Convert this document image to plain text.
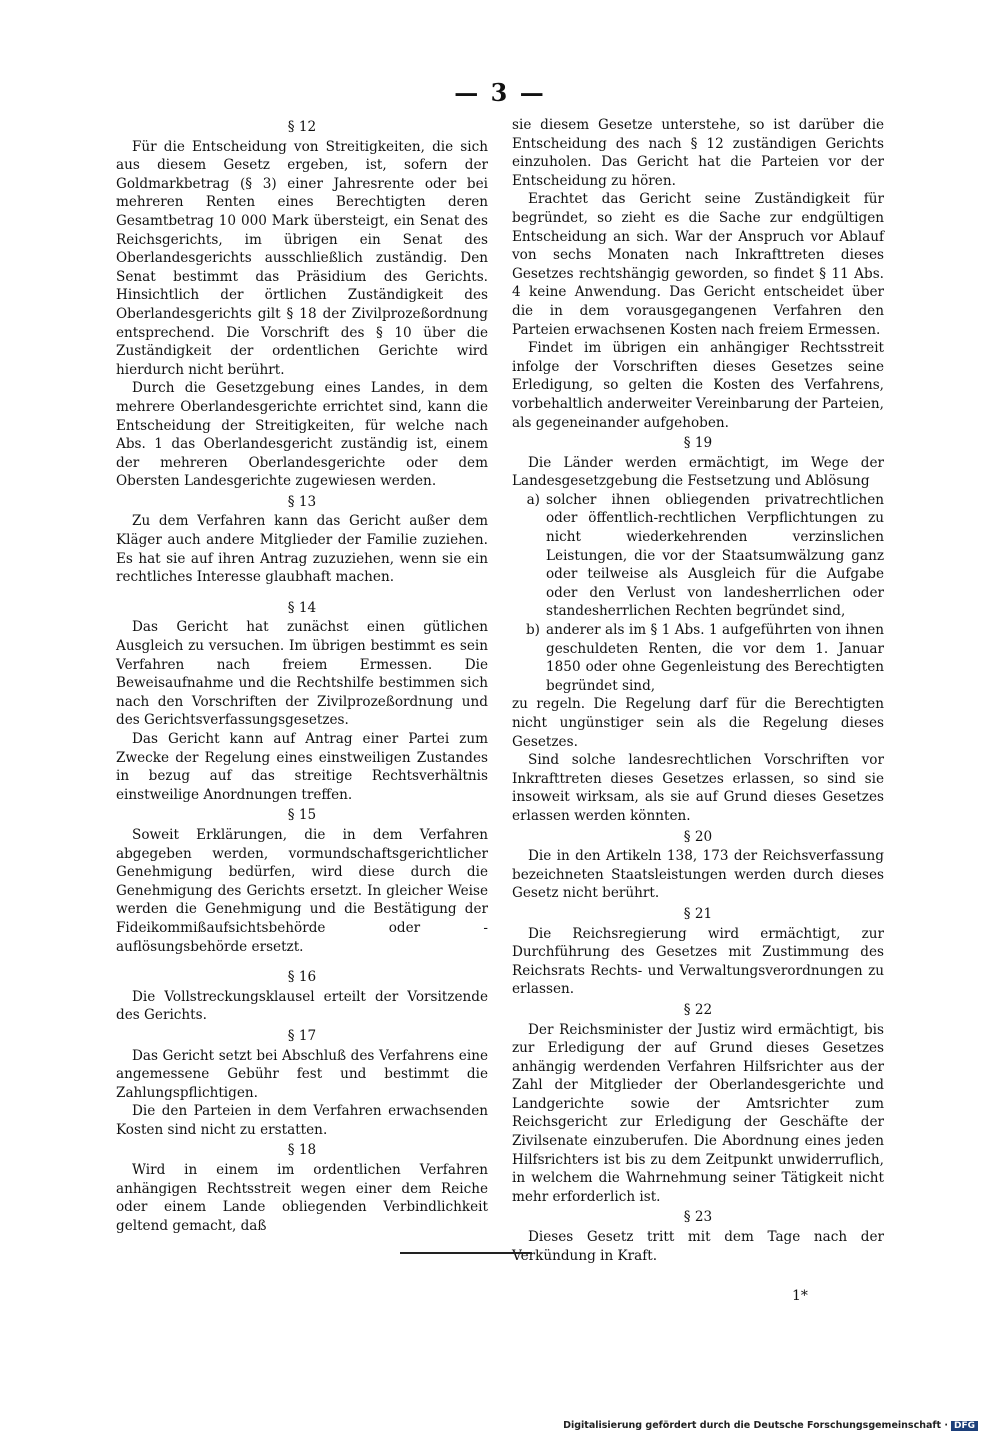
— 3 —
§ 12

Für die Entscheidung von Streitigkeiten, die sich aus diesem Gesetz ergeben, ist, sofern der Goldmarkbetrag (§ 3) einer Jahresrente oder bei mehreren Renten eines Berechtigten deren Gesamtbetrag 10 000 Mark übersteigt, ein Senat des Reichsgerichts, im übrigen ein Senat des Oberlandesgerichts ausschließlich zuständig. Den Senat bestimmt das Präsidium des Gerichts. Hinsichtlich der örtlichen Zuständigkeit des Oberlandesgerichts gilt § 18 der Zivilprozeßordnung entsprechend. Die Vorschrift des § 10 über die Zuständigkeit der ordentlichen Gerichte wird hierdurch nicht berührt.

Durch die Gesetzgebung eines Landes, in dem mehrere Oberlandesgerichte errichtet sind, kann die Entscheidung der Streitigkeiten, für welche nach Abs. 1 das Oberlandesgericht zuständig ist, einem der mehreren Oberlandesgerichte oder dem Obersten Landesgerichte zugewiesen werden.

§ 13

Zu dem Verfahren kann das Gericht außer dem Kläger auch andere Mitglieder der Familie zuziehen. Es hat sie auf ihren Antrag zuzuziehen, wenn sie ein rechtliches Interesse glaubhaft machen.

§ 14

Das Gericht hat zunächst einen gütlichen Ausgleich zu versuchen. Im übrigen bestimmt es sein Verfahren nach freiem Ermessen. Die Beweisaufnahme und die Rechtshilfe bestimmen sich nach den Vorschriften der Zivilprozeßordnung und des Gerichtsverfassungsgesetzes.

Das Gericht kann auf Antrag einer Partei zum Zwecke der Regelung eines einstweiligen Zustandes in bezug auf das streitige Rechtsverhältnis einstweilige Anordnungen treffen.

§ 15

Soweit Erklärungen, die in dem Verfahren abgegeben werden, vormundschaftsgerichtlicher Genehmigung bedürfen, wird diese durch die Genehmigung des Gerichts ersetzt. In gleicher Weise werden die Genehmigung und die Bestätigung der Fideikommißaufsichtsbehörde oder -auflösungsbehörde ersetzt.

§ 16

Die Vollstreckungsklausel erteilt der Vorsitzende des Gerichts.

§ 17

Das Gericht setzt bei Abschluß des Verfahrens eine angemessene Gebühr fest und bestimmt die Zahlungspflichtigen.

Die den Parteien in dem Verfahren erwachsenden Kosten sind nicht zu erstatten.

§ 18

Wird in einem im ordentlichen Verfahren anhängigen Rechtsstreit wegen einer dem Reiche oder einem Lande obliegenden Verbindlichkeit geltend gemacht, daß

sie diesem Gesetze unterstehe, so ist darüber die Entscheidung des nach § 12 zuständigen Gerichts einzuholen. Das Gericht hat die Parteien vor der Entscheidung zu hören.

Erachtet das Gericht seine Zuständigkeit für begründet, so zieht es die Sache zur endgültigen Entscheidung an sich. War der Anspruch vor Ablauf von sechs Monaten nach Inkrafttreten dieses Gesetzes rechtshängig geworden, so findet § 11 Abs. 4 keine Anwendung. Das Gericht entscheidet über die in dem vorausgegangenen Verfahren den Parteien erwachsenen Kosten nach freiem Ermessen.

Findet im übrigen ein anhängiger Rechtsstreit infolge der Vorschriften dieses Gesetzes seine Erledigung, so gelten die Kosten des Verfahrens, vorbehaltlich anderweiter Vereinbarung der Parteien, als gegeneinander aufgehoben.

§ 19

Die Länder werden ermächtigt, im Wege der Landesgesetzgebung die Festsetzung und Ablösung

a) solcher ihnen obliegenden privatrechtlichen oder öffentlich-rechtlichen Verpflichtungen zu nicht wiederkehrenden verzinslichen Leistungen, die vor der Staatsumwälzung ganz oder teilweise als Ausgleich für die Aufgabe oder den Verlust von landesherrlichen oder standesherrlichen Rechten begründet sind,
b) anderer als im § 1 Abs. 1 aufgeführten von ihnen geschuldeten Renten, die vor dem 1. Januar 1850 oder ohne Gegenleistung des Berechtigten begründet sind,

zu regeln. Die Regelung darf für die Berechtigten nicht ungünstiger sein als die Regelung dieses Gesetzes.

Sind solche landesrechtlichen Vorschriften vor Inkrafttreten dieses Gesetzes erlassen, so sind sie insoweit wirksam, als sie auf Grund dieses Gesetzes erlassen werden könnten.

§ 20

Die in den Artikeln 138, 173 der Reichsverfassung bezeichneten Staatsleistungen werden durch dieses Gesetz nicht berührt.

§ 21

Die Reichsregierung wird ermächtigt, zur Durchführung des Gesetzes mit Zustimmung des Reichsrats Rechts- und Verwaltungsverordnungen zu erlassen.

§ 22

Der Reichsminister der Justiz wird ermächtigt, bis zur Erledigung der auf Grund dieses Gesetzes anhängig werdenden Verfahren Hilfsrichter aus der Zahl der Mitglieder der Oberlandesgerichte und Landgerichte sowie der Amtsrichter zum Reichsgericht zur Erledigung der Geschäfte der Zivilsenate einzuberufen. Die Abordnung eines jeden Hilfsrichters ist bis zu dem Zeitpunkt unwiderruflich, in welchem die Wahrnehmung seiner Tätigkeit nicht mehr erforderlich ist.

§ 23

Dieses Gesetz tritt mit dem Tage nach der Verkündung in Kraft.

1*
Digitalisierung gefördert durch die Deutsche Forschungsgemeinschaft · DFG
